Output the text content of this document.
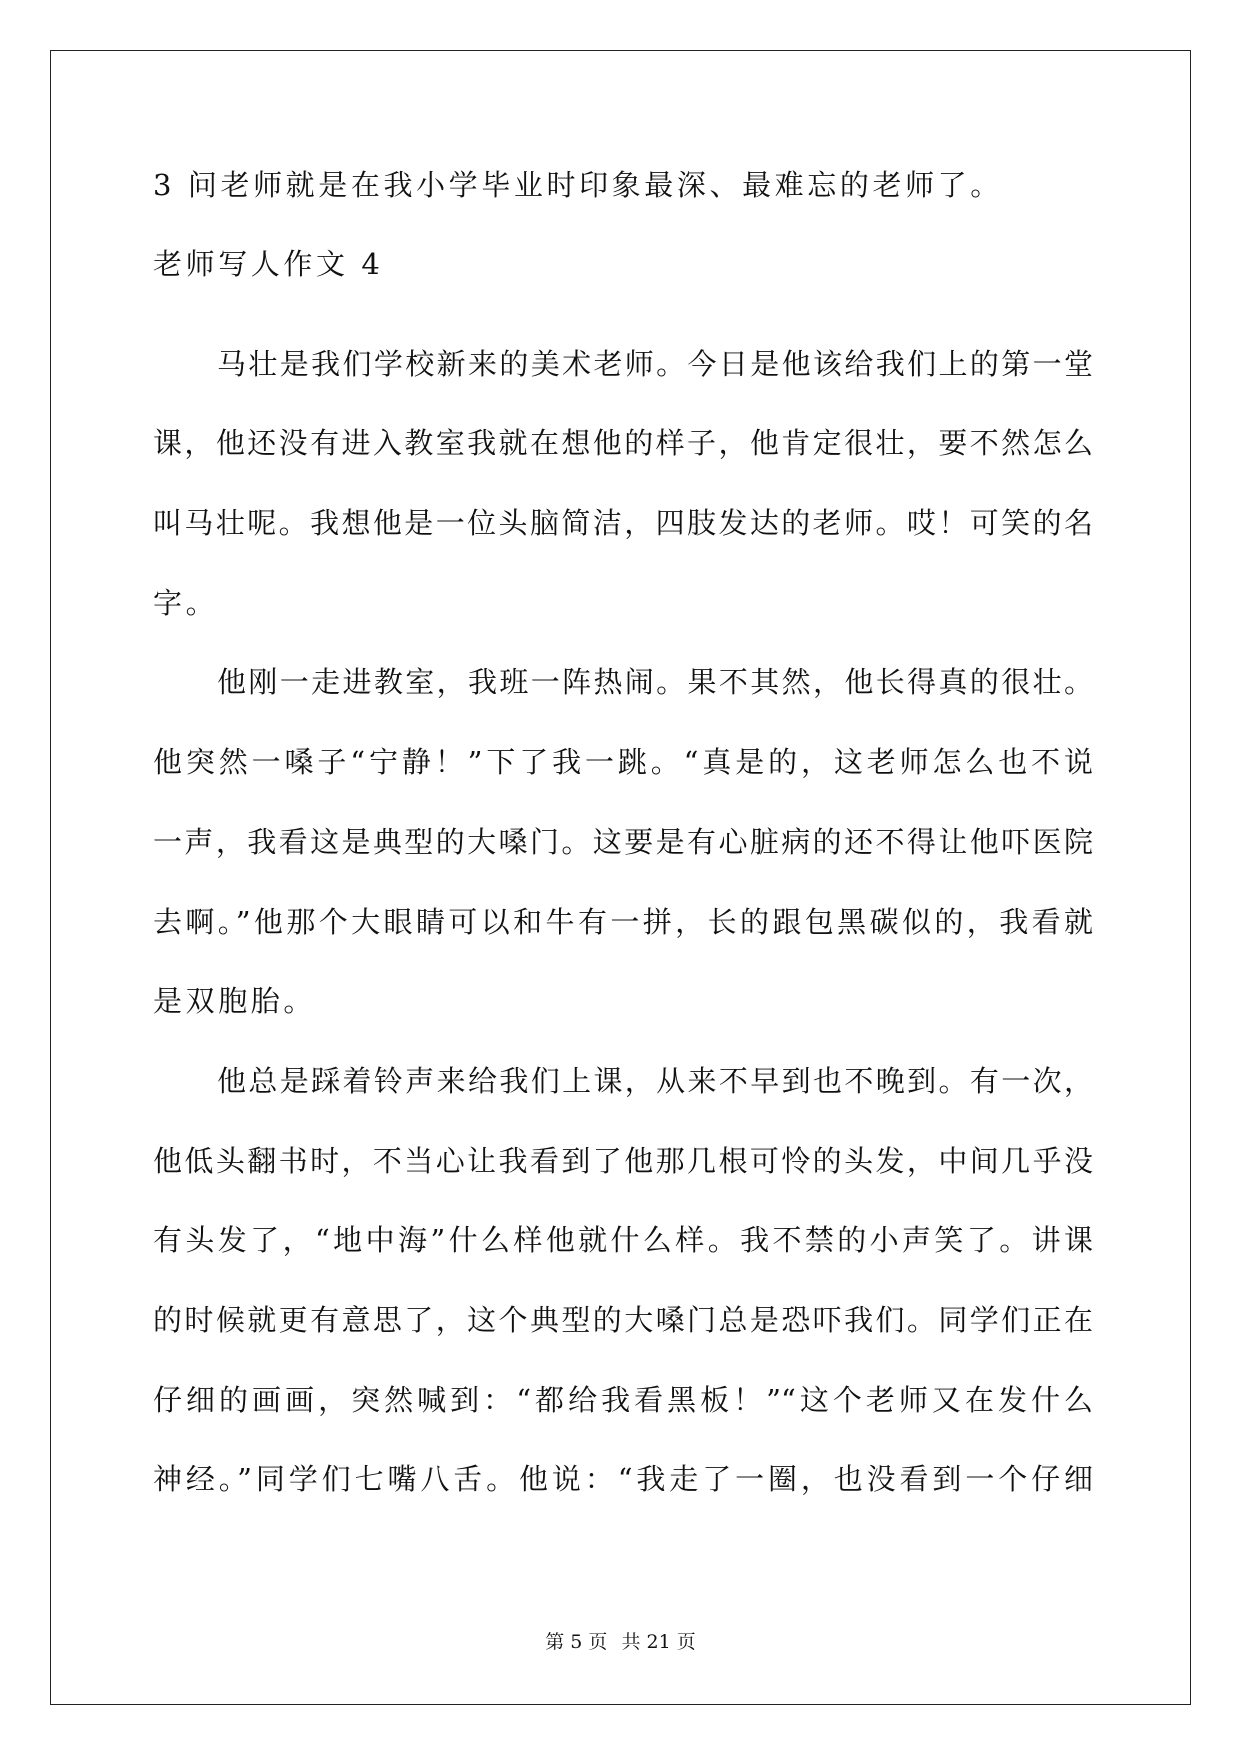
3 问老师就是在我小学毕业时印象最深、最难忘的老师了。
老师写人作文 4
马壮是我们学校新来的美术老师。今日是他该给我们上的第一堂
课，他还没有进入教室我就在想他的样子，他肯定很壮，要不然怎么
叫马壮呢。我想他是一位头脑简洁，四肢发达的老师。哎！可笑的名
字。
他刚一走进教室，我班一阵热闹。果不其然，他长得真的很壮。
他突然一嗓子“宁静！”下了我一跳。“真是的，这老师怎么也不说
一声，我看这是典型的大嗓门。这要是有心脏病的还不得让他吓医院
去啊。”他那个大眼睛可以和牛有一拼，长的跟包黑碳似的，我看就
是双胞胎。
他总是踩着铃声来给我们上课，从来不早到也不晚到。有一次，
他低头翻书时，不当心让我看到了他那几根可怜的头发，中间几乎没
有头发了，“地中海”什么样他就什么样。我不禁的小声笑了。讲课
的时候就更有意思了，这个典型的大嗓门总是恐吓我们。同学们正在
仔细的画画，突然喊到：“都给我看黑板！”“这个老师又在发什么
神经。”同学们七嘴八舌。他说：“我走了一圈，也没看到一个仔细
第 5 页 共 21 页
